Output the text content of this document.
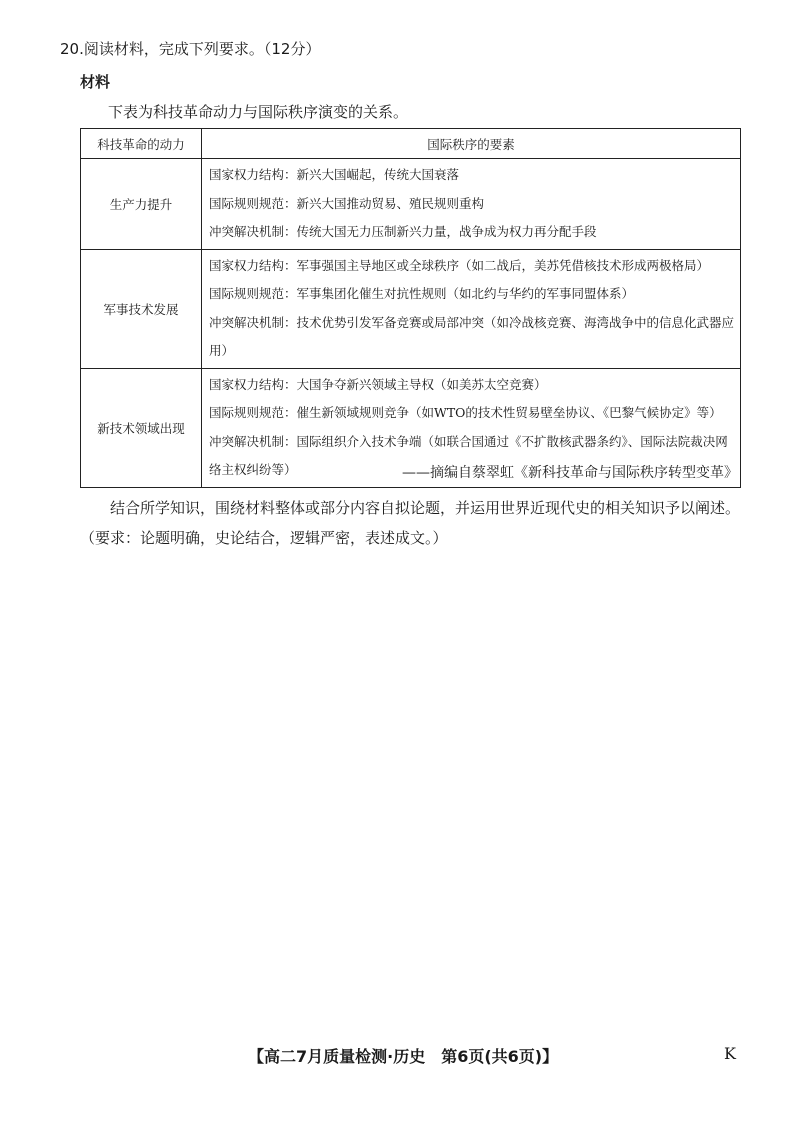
20.阅读材料，完成下列要求。（12分）
材料
下表为科技革命动力与国际秩序演变的关系。
科技革命的动力	国际秩序的要素
生产力提升	国家权力结构：新兴大国崛起，传统大国衰落
国际规则规范：新兴大国推动贸易、殖民规则重构
冲突解决机制：传统大国无力压制新兴力量，战争成为权力再分配手段

军事技术发展	国家权力结构：军事强国主导地区或全球秩序（如二战后，美苏凭借核技术形成两极格局）
国际规则规范：军事集团化催生对抗性规则（如北约与华约的军事同盟体系）
冲突解决机制：技术优势引发军备竞赛或局部冲突（如冷战核竞赛、海湾战争中的信息化武器应用）

新技术领域出现	国家权力结构：大国争夺新兴领域主导权（如美苏太空竞赛）
国际规则规范：催生新领域规则竞争（如WTO的技术性贸易壁垒协议、《巴黎气候协定》等）
冲突解决机制：国际组织介入技术争端（如联合国通过《不扩散核武器条约》、国际法院裁决网络主权纠纷等）	——摘编自蔡翠虹《新科技革命与国际秩序转型变革》
结合所学知识，围绕材料整体或部分内容自拟论题，并运用世界近现代史的相关知识予以阐述。
（要求：论题明确，史论结合，逻辑严密，表述成文。）
【高二7月质量检测·历史　第6页(共6页)】	K
